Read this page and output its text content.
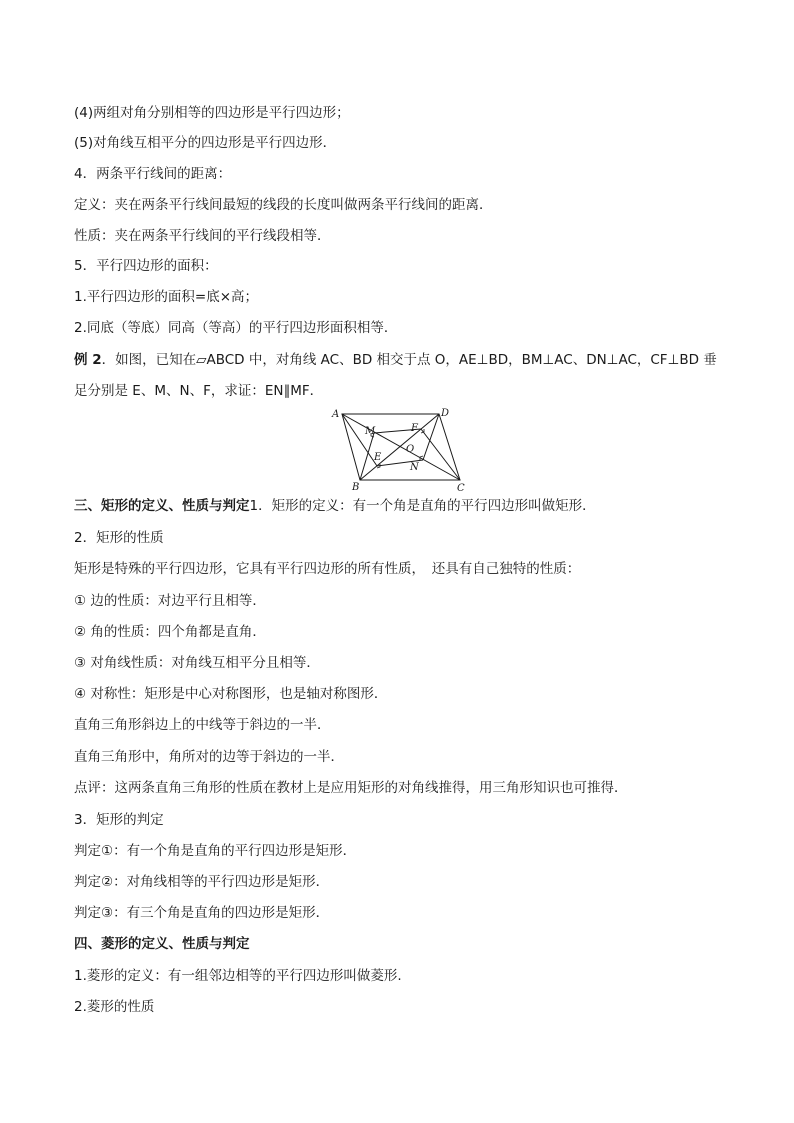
(4)两组对角分别相等的四边形是平行四边形；
(5)对角线互相平分的四边形是平行四边形．
4．两条平行线间的距离：
定义：夹在两条平行线间最短的线段的长度叫做两条平行线间的距离．
性质：夹在两条平行线间的平行线段相等．
5．平行四边形的面积：
1.平行四边形的面积=底×高；
2.同底（等底）同高（等高）的平行四边形面积相等．
例 2．如图，已知在▱ABCD 中，对角线 AC、BD 相交于点 O，AE⊥BD，BM⊥AC、DN⊥AC，CF⊥BD 垂
足分别是 E、M、N、F，求证：EN∥MF．
A	D
B	C
M	F
O
E
N
三、矩形的定义、性质与判定1．矩形的定义：有一个角是直角的平行四边形叫做矩形．
2．矩形的性质
矩形是特殊的平行四边形，它具有平行四边形的所有性质，　还具有自己独特的性质：
① 边的性质：对边平行且相等．
② 角的性质：四个角都是直角．
③ 对角线性质：对角线互相平分且相等．
④ 对称性：矩形是中心对称图形，也是轴对称图形．
直角三角形斜边上的中线等于斜边的一半．
直角三角形中，角所对的边等于斜边的一半．
点评：这两条直角三角形的性质在教材上是应用矩形的对角线推得，用三角形知识也可推得．
3．矩形的判定
判定①：有一个角是直角的平行四边形是矩形．
判定②：对角线相等的平行四边形是矩形．
判定③：有三个角是直角的四边形是矩形．
四、菱形的定义、性质与判定
1.菱形的定义：有一组邻边相等的平行四边形叫做菱形.
2.菱形的性质
